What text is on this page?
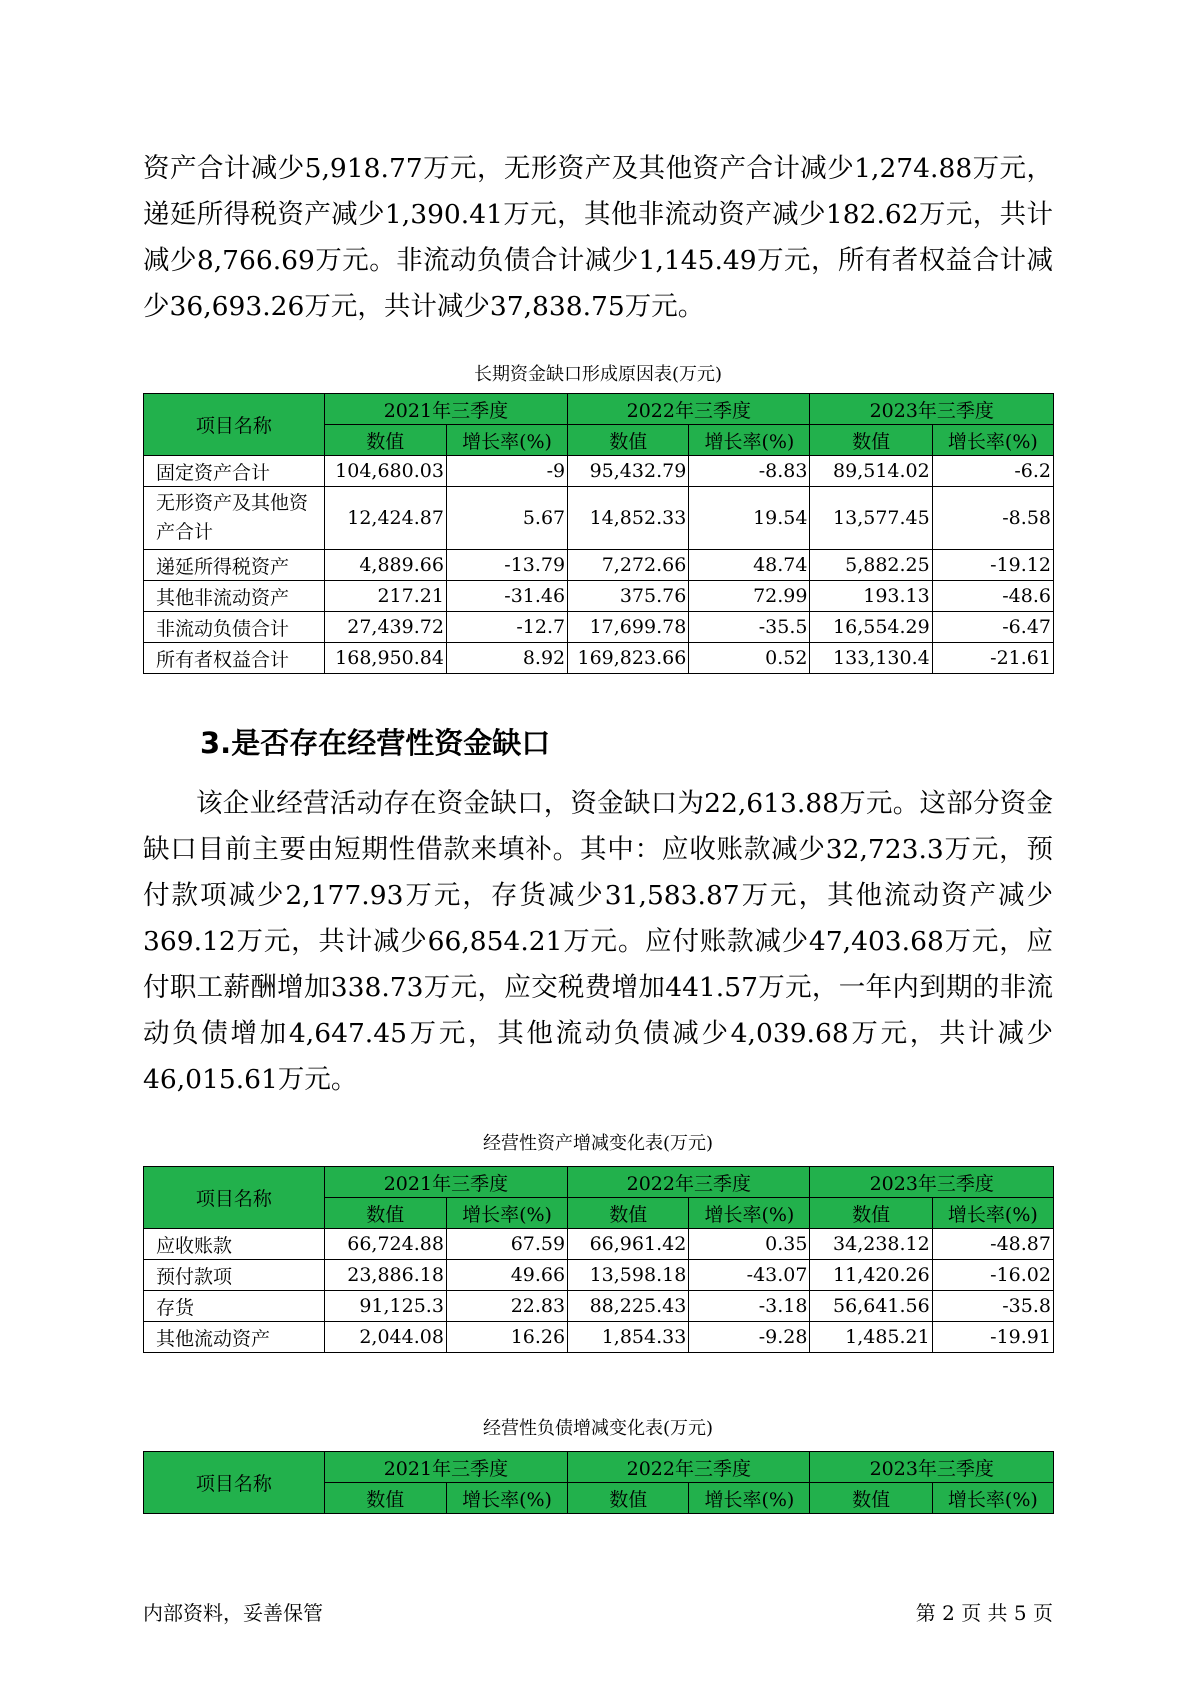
资产合计减少5,918.77万元，无形资产及其他资产合计减少1,274.88万元，递延所得税资产减少1,390.41万元，其他非流动资产减少182.62万元，共计减少8,766.69万元。非流动负债合计减少1,145.49万元，所有者权益合计减少36,693.26万元，共计减少37,838.75万元。

长期资金缺口形成原因表(万元)
项目名称	2021年三季度		2022年三季度		2023年三季度	
	数值	增长率(%)	数值	增长率(%)	数值	增长率(%)
固定资产合计	104,680.03	-9	95,432.79	-8.83	89,514.02	-6.2
无形资产及其他资产合计	12,424.87	5.67	14,852.33	19.54	13,577.45	-8.58
递延所得税资产	4,889.66	-13.79	7,272.66	48.74	5,882.25	-19.12
其他非流动资产	217.21	-31.46	375.76	72.99	193.13	-48.6
非流动负债合计	27,439.72	-12.7	17,699.78	-35.5	16,554.29	-6.47
所有者权益合计	168,950.84	8.92	169,823.66	0.52	133,130.4	-21.61
3.是否存在经营性资金缺口

该企业经营活动存在资金缺口，资金缺口为22,613.88万元。这部分资金缺口目前主要由短期性借款来填补。其中：应收账款减少32,723.3万元，预付款项减少2,177.93万元，存货减少31,583.87万元，其他流动资产减少369.12万元，共计减少66,854.21万元。应付账款减少47,403.68万元，应付职工薪酬增加338.73万元，应交税费增加441.57万元，一年内到期的非流动负债增加4,647.45万元，其他流动负债减少4,039.68万元，共计减少46,015.61万元。

经营性资产增减变化表(万元)
项目名称	2021年三季度		2022年三季度		2023年三季度	
	数值	增长率(%)	数值	增长率(%)	数值	增长率(%)
应收账款	66,724.88	67.59	66,961.42	0.35	34,238.12	-48.87
预付款项	23,886.18	49.66	13,598.18	-43.07	11,420.26	-16.02
存货	91,125.3	22.83	88,225.43	-3.18	56,641.56	-35.8
其他流动资产	2,044.08	16.26	1,854.33	-9.28	1,485.21	-19.91
经营性负债增减变化表(万元)
项目名称	2021年三季度		2022年三季度		2023年三季度	
	数值	增长率(%)	数值	增长率(%)	数值	增长率(%)
内部资料，妥善保管	第 2 页 共 5 页
